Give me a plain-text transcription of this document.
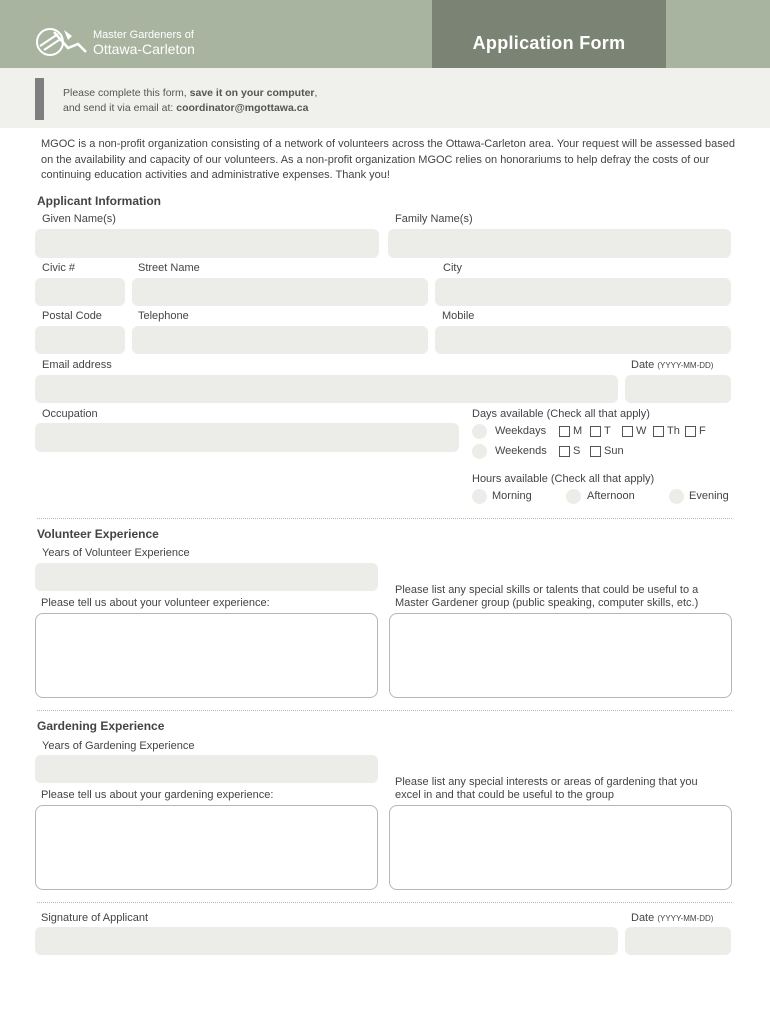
Master Gardeners of
Ottawa-Carleton	Application Form
Please complete this form, save it on your computer,
and send it via email at: coordinator@mgottawa.ca
MGOC is a non-profit organization consisting of a network of volunteers across the Ottawa-Carleton area. Your request will be assessed based on the availability and capacity of our volunteers. As a non-profit organization MGOC relies on honorariums to help defray the costs of our continuing education activities and administrative expenses. Thank you!
Applicant Information
Given Name(s)	Family Name(s)
Civic #	Street Name	City
Postal Code	Telephone	Mobile
Email address	Date (YYYY-MM-DD)
Occupation	Days available (Check all that apply)
Weekdays M T W Th F
Weekends S Sun
Hours available (Check all that apply)
Morning	Afternoon	Evening
Volunteer Experience
Years of Volunteer Experience
Please tell us about your volunteer experience:
Please list any special skills or talents that could be useful to a
Master Gardener group (public speaking, computer skills, etc.)
Gardening Experience
Years of Gardening Experience
Please tell us about your gardening experience:
Please list any special interests or areas of gardening that you
excel in and that could be useful to the group
Signature of Applicant	Date (YYYY-MM-DD)
